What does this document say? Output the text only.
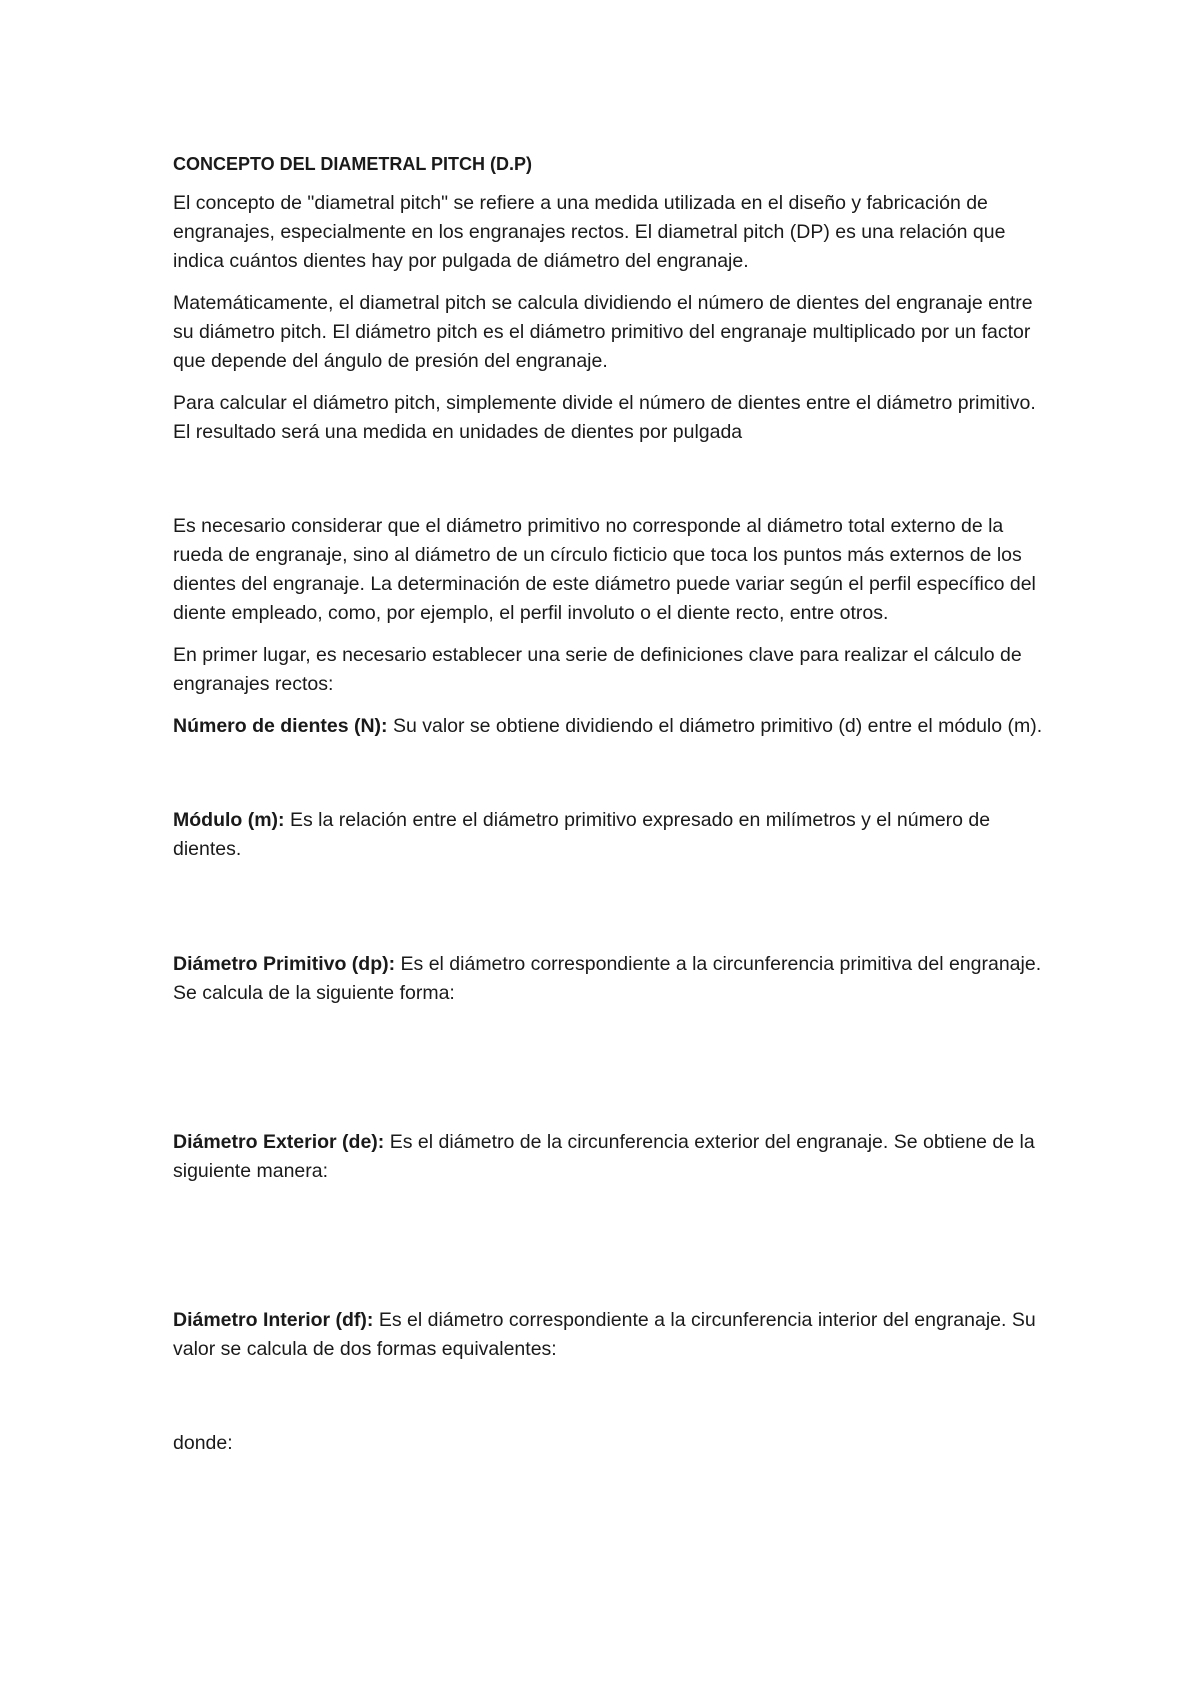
CONCEPTO DEL DIAMETRAL PITCH (D.P)

El concepto de "diametral pitch" se refiere a una medida utilizada en el diseño y fabricación de engranajes, especialmente en los engranajes rectos. El diametral pitch (DP) es una relación que indica cuántos dientes hay por pulgada de diámetro del engranaje.

Matemáticamente, el diametral pitch se calcula dividiendo el número de dientes del engranaje entre su diámetro pitch. El diámetro pitch es el diámetro primitivo del engranaje multiplicado por un factor que depende del ángulo de presión del engranaje.

Para calcular el diámetro pitch, simplemente divide el número de dientes entre el diámetro primitivo. El resultado será una medida en unidades de dientes por pulgada

Es necesario considerar que el diámetro primitivo no corresponde al diámetro total externo de la rueda de engranaje, sino al diámetro de un círculo ficticio que toca los puntos más externos de los dientes del engranaje. La determinación de este diámetro puede variar según el perfil específico del diente empleado, como, por ejemplo, el perfil involuto o el diente recto, entre otros.

En primer lugar, es necesario establecer una serie de definiciones clave para realizar el cálculo de engranajes rectos:

Número de dientes (N): Su valor se obtiene dividiendo el diámetro primitivo (d) entre el módulo (m).

Módulo (m): Es la relación entre el diámetro primitivo expresado en milímetros y el número de dientes.

Diámetro Primitivo (dp): Es el diámetro correspondiente a la circunferencia primitiva del engranaje. Se calcula de la siguiente forma:

Diámetro Exterior (de): Es el diámetro de la circunferencia exterior del engranaje. Se obtiene de la siguiente manera:

Diámetro Interior (df): Es el diámetro correspondiente a la circunferencia interior del engranaje. Su valor se calcula de dos formas equivalentes:

donde:
